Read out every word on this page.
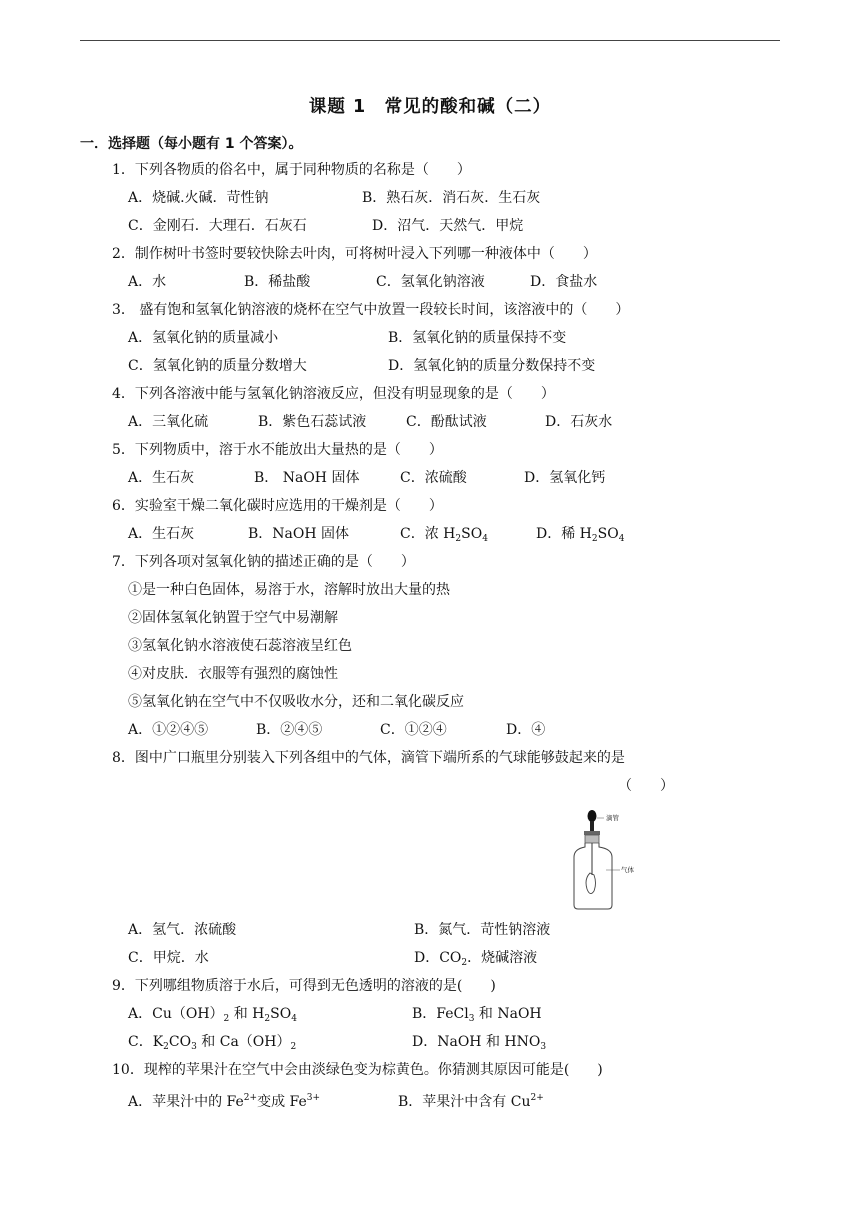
课题 1　常见的酸和碱（二）
一．选择题（每小题有 1 个答案）。
1．下列各物质的俗名中，属于同种物质的名称是（　　）
A．烧碱.火碱．苛性钠	B．熟石灰．消石灰．生石灰
C．金刚石．大理石．石灰石	D．沼气．天然气．甲烷
2．制作树叶书签时要较快除去叶肉，可将树叶浸入下列哪一种液体中（　　）
A．水	B．稀盐酸	C．氢氧化钠溶液	D．食盐水
3． 盛有饱和氢氧化钠溶液的烧杯在空气中放置一段较长时间，该溶液中的（　　）
A．氢氧化钠的质量减小	B．氢氧化钠的质量保持不变
C．氢氧化钠的质量分数增大	D．氢氧化钠的质量分数保持不变
4．下列各溶液中能与氢氧化钠溶液反应，但没有明显现象的是（　　）
A．三氧化硫	B．紫色石蕊试液	C．酚酞试液	D．石灰水
5．下列物质中，溶于水不能放出大量热的是（　　）
A．生石灰	B． NaOH 固体	C．浓硫酸	D．氢氧化钙
6．实验室干燥二氧化碳时应选用的干燥剂是（　　）
A．生石灰	B．NaOH 固体	C．浓 $H_2SO_4$	D．稀 $H_2SO_4$
7．下列各项对氢氧化钠的描述正确的是（　　）
①是一种白色固体，易溶于水，溶解时放出大量的热
②固体氢氧化钠置于空气中易潮解
③氢氧化钠水溶液使石蕊溶液呈红色
④对皮肤．衣服等有强烈的腐蚀性
⑤氢氧化钠在空气中不仅吸收水分，还和二氧化碳反应
A．①②④⑤	B．②④⑤	C．①②④	D．④
8．图中广口瓶里分别装入下列各组中的气体，滴管下端所系的气球能够鼓起来的是
（　　）
滴管
气体
A．氢气．浓硫酸	B．氮气．苛性钠溶液
C．甲烷．水	D．$CO_2$．烧碱溶液
9．下列哪组物质溶于水后，可得到无色透明的溶液的是(　　)
A．$Cu(OH)_2$ 和 $H_2SO_4$	B．FeCl$_3$ 和 NaOH
C．$K_2CO_3$ 和 $Ca(OH)_2$	D．NaOH 和 $HNO_3$
10．现榨的苹果汁在空气中会由淡绿色变为棕黄色。你猜测其原因可能是(　　)
A．苹果汁中的 $Fe^{2+}$变成 $Fe^{3+}$	B．苹果汁中含有 $Cu^{2+}$
